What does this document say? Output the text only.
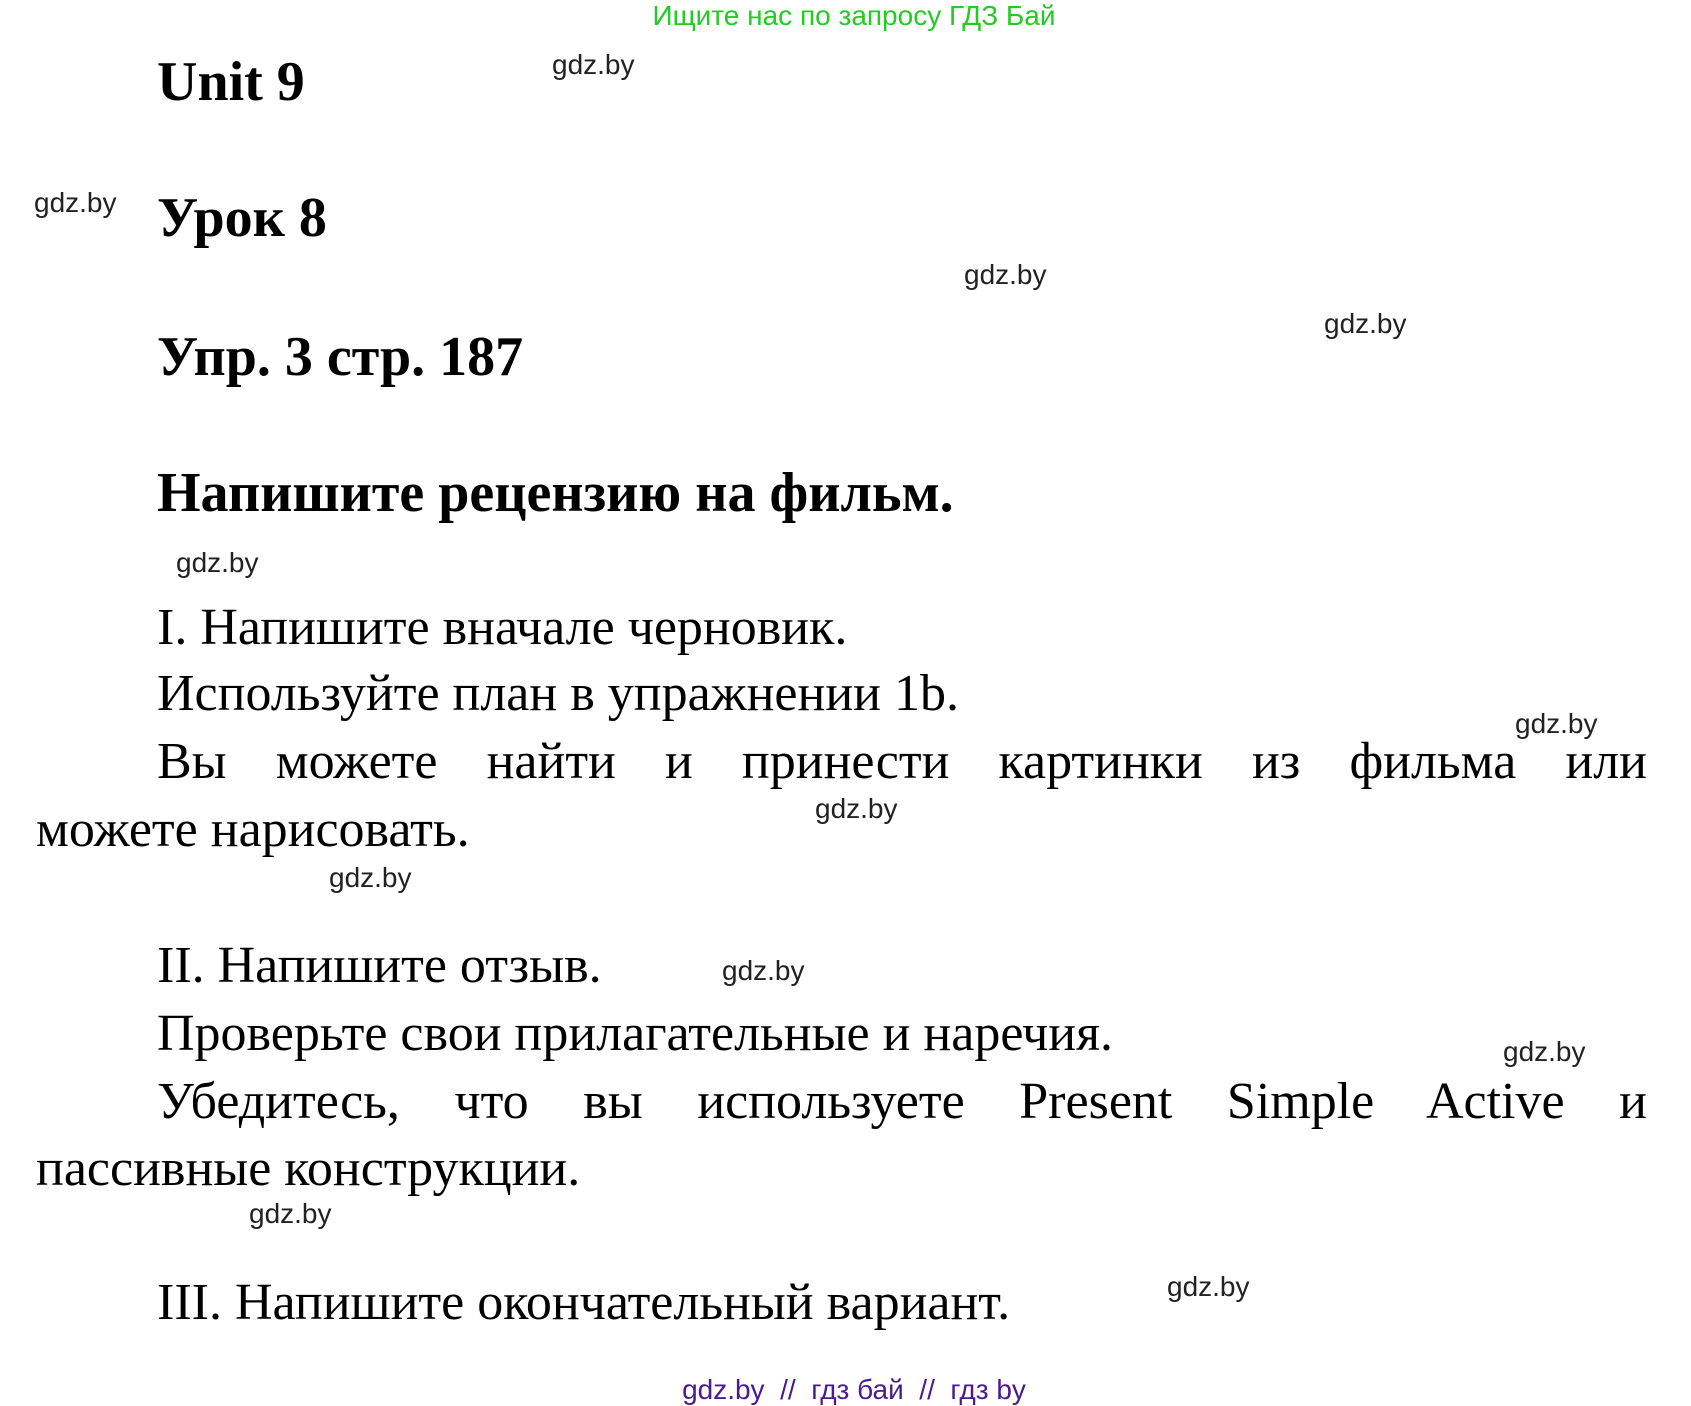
Ищите нас по запросу ГДЗ Бай
Unit 9
Урок 8
Упр. 3 стр. 187
Напишите рецензию на фильм.
I. Напишите вначале черновик.
Используйте план в упражнении 1b.
Вы можете найти и принести картинки из фильма или
можете нарисовать.
II. Напишите отзыв.
Проверьте свои прилагательные и наречия.
Убедитесь, что вы используете Present Simple Active и
пассивные конструкции.
III. Напишите окончательный вариант.
gdz.by
gdz.by
gdz.by
gdz.by
gdz.by
gdz.by
gdz.by
gdz.by
gdz.by
gdz.by
gdz.by
gdz.by
gdz.by  //  гдз бай  //  гдз by
